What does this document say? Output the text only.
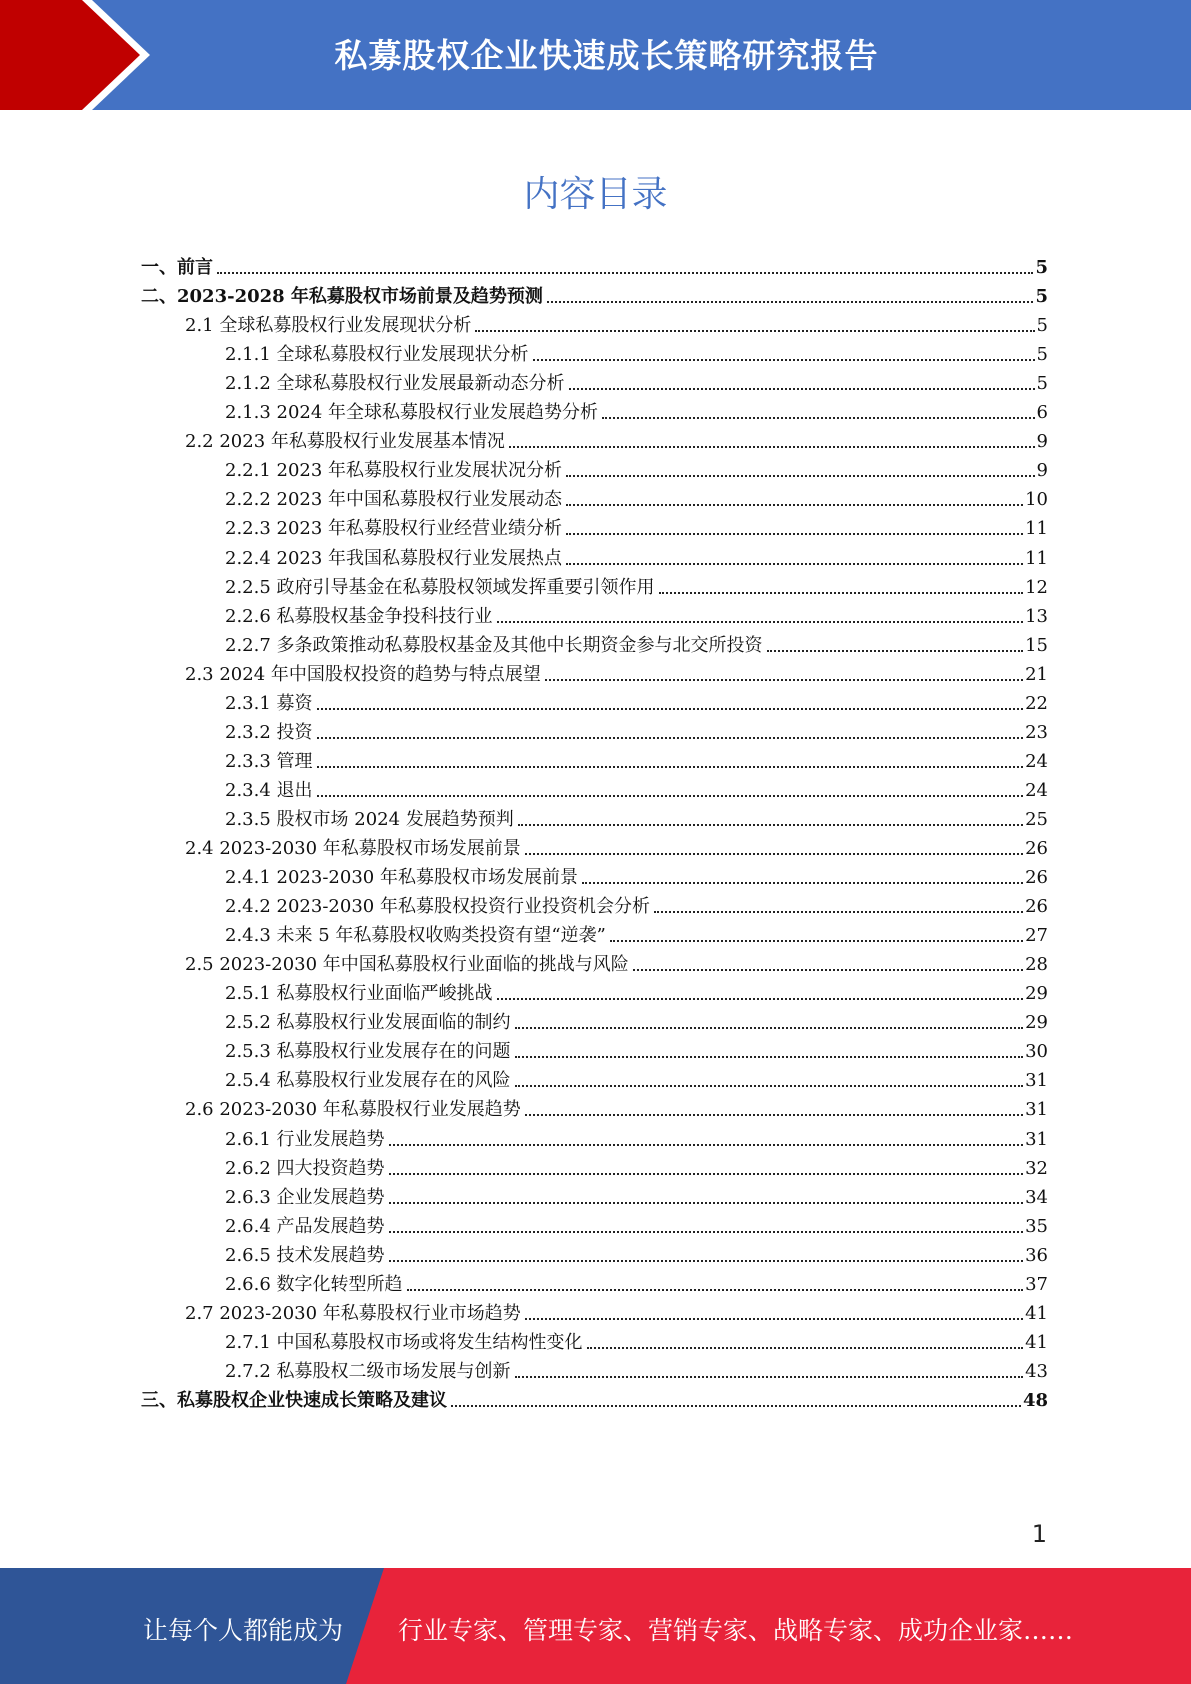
私募股权企业快速成长策略研究报告
内容目录
一、前言	5
二、2023-2028 年私募股权市场前景及趋势预测	5
2.1 全球私募股权行业发展现状分析	5
2.1.1 全球私募股权行业发展现状分析	5
2.1.2 全球私募股权行业发展最新动态分析	5
2.1.3 2024 年全球私募股权行业发展趋势分析	6
2.2 2023 年私募股权行业发展基本情况	9
2.2.1 2023 年私募股权行业发展状况分析	9
2.2.2 2023 年中国私募股权行业发展动态	10
2.2.3 2023 年私募股权行业经营业绩分析	11
2.2.4 2023 年我国私募股权行业发展热点	11
2.2.5 政府引导基金在私募股权领域发挥重要引领作用	12
2.2.6 私募股权基金争投科技行业	13
2.2.7 多条政策推动私募股权基金及其他中长期资金参与北交所投资	15
2.3 2024 年中国股权投资的趋势与特点展望	21
2.3.1 募资	22
2.3.2 投资	23
2.3.3 管理	24
2.3.4 退出	24
2.3.5 股权市场 2024 发展趋势预判	25
2.4 2023-2030 年私募股权市场发展前景	26
2.4.1 2023-2030 年私募股权市场发展前景	26
2.4.2 2023-2030 年私募股权投资行业投资机会分析	26
2.4.3 未来 5 年私募股权收购类投资有望“逆袭”	27
2.5 2023-2030 年中国私募股权行业面临的挑战与风险	28
2.5.1 私募股权行业面临严峻挑战	29
2.5.2 私募股权行业发展面临的制约	29
2.5.3 私募股权行业发展存在的问题	30
2.5.4 私募股权行业发展存在的风险	31
2.6 2023-2030 年私募股权行业发展趋势	31
2.6.1 行业发展趋势	31
2.6.2 四大投资趋势	32
2.6.3 企业发展趋势	34
2.6.4 产品发展趋势	35
2.6.5 技术发展趋势	36
2.6.6 数字化转型所趋	37
2.7 2023-2030 年私募股权行业市场趋势	41
2.7.1 中国私募股权市场或将发生结构性变化	41
2.7.2 私募股权二级市场发展与创新	43
三、私募股权企业快速成长策略及建议	48
1
让每个人都能成为 行业专家、管理专家、营销专家、战略专家、成功企业家……
